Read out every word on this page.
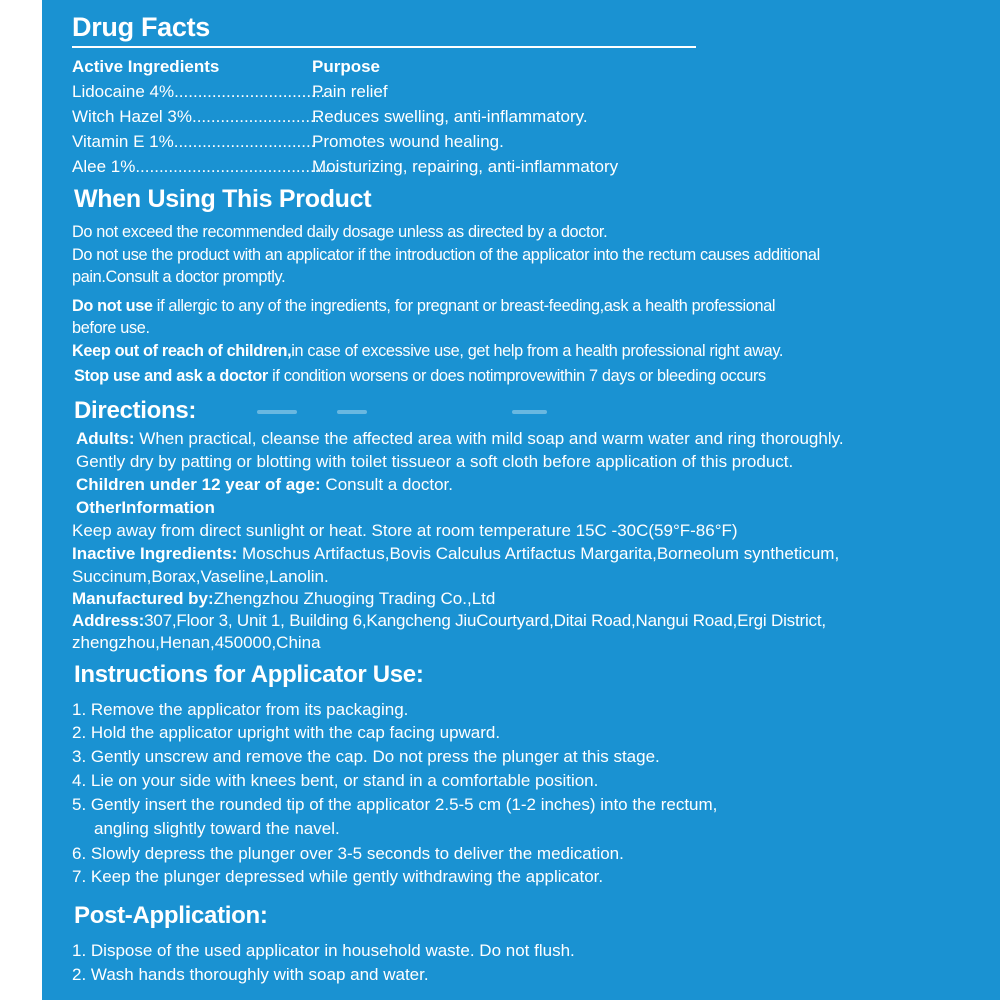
Drug Facts
Active Ingredients	Purpose
Lidocaine 4%................................
Pain relief
Witch Hazel 3%...........................
Reduces swelling, anti-inflammatory.
Vitamin E 1%..............................
Promotes wound healing.
Alee 1%...........................................
Moisturizing, repairing, anti-inflammatory
When Using This Product
Do not exceed the recommended daily dosage unless as directed by a doctor.
Do not use the product with an applicator if the introduction of the applicator into the rectum causes additional
pain.Consult a doctor promptly.
Do not use if allergic to any of the ingredients, for pregnant or breast-feeding,ask a health professional
before use.
Keep out of reach of children,in case of excessive use, get help from a health professional right away.
Stop use and ask a doctor if condition worsens or does notimprovewithin 7 days or bleeding occurs
Directions:
Adults: When practical, cleanse the affected area with mild soap and warm water and ring thoroughly.
Gently dry by patting or blotting with toilet tissueor a soft cloth before application of this product.
Children under 12 year of age: Consult a doctor.
OtherInformation
Keep away from direct sunlight or heat. Store at room temperature 15C -30C(59°F-86°F)
Inactive Ingredients: Moschus Artifactus,Bovis Calculus Artifactus Margarita,Borneolum syntheticum,
Succinum,Borax,Vaseline,Lanolin.
Manufactured by:Zhengzhou Zhuoging Trading Co.,Ltd
Address:307,Floor 3, Unit 1, Building 6,Kangcheng JiuCourtyard,Ditai Road,Nangui Road,Ergi District,
zhengzhou,Henan,450000,China
Instructions for Applicator Use:
1. Remove the applicator from its packaging.
2. Hold the applicator upright with the cap facing upward.
3. Gently unscrew and remove the cap. Do not press the plunger at this stage.
4. Lie on your side with knees bent, or stand in a comfortable position.
5. Gently insert the rounded tip of the applicator 2.5-5 cm (1-2 inches) into the rectum,
angling slightly toward the navel.
6. Slowly depress the plunger over 3-5 seconds to deliver the medication.
7. Keep the plunger depressed while gently withdrawing the applicator.
Post-Application:
1. Dispose of the used applicator in household waste. Do not flush.
2. Wash hands thoroughly with soap and water.
